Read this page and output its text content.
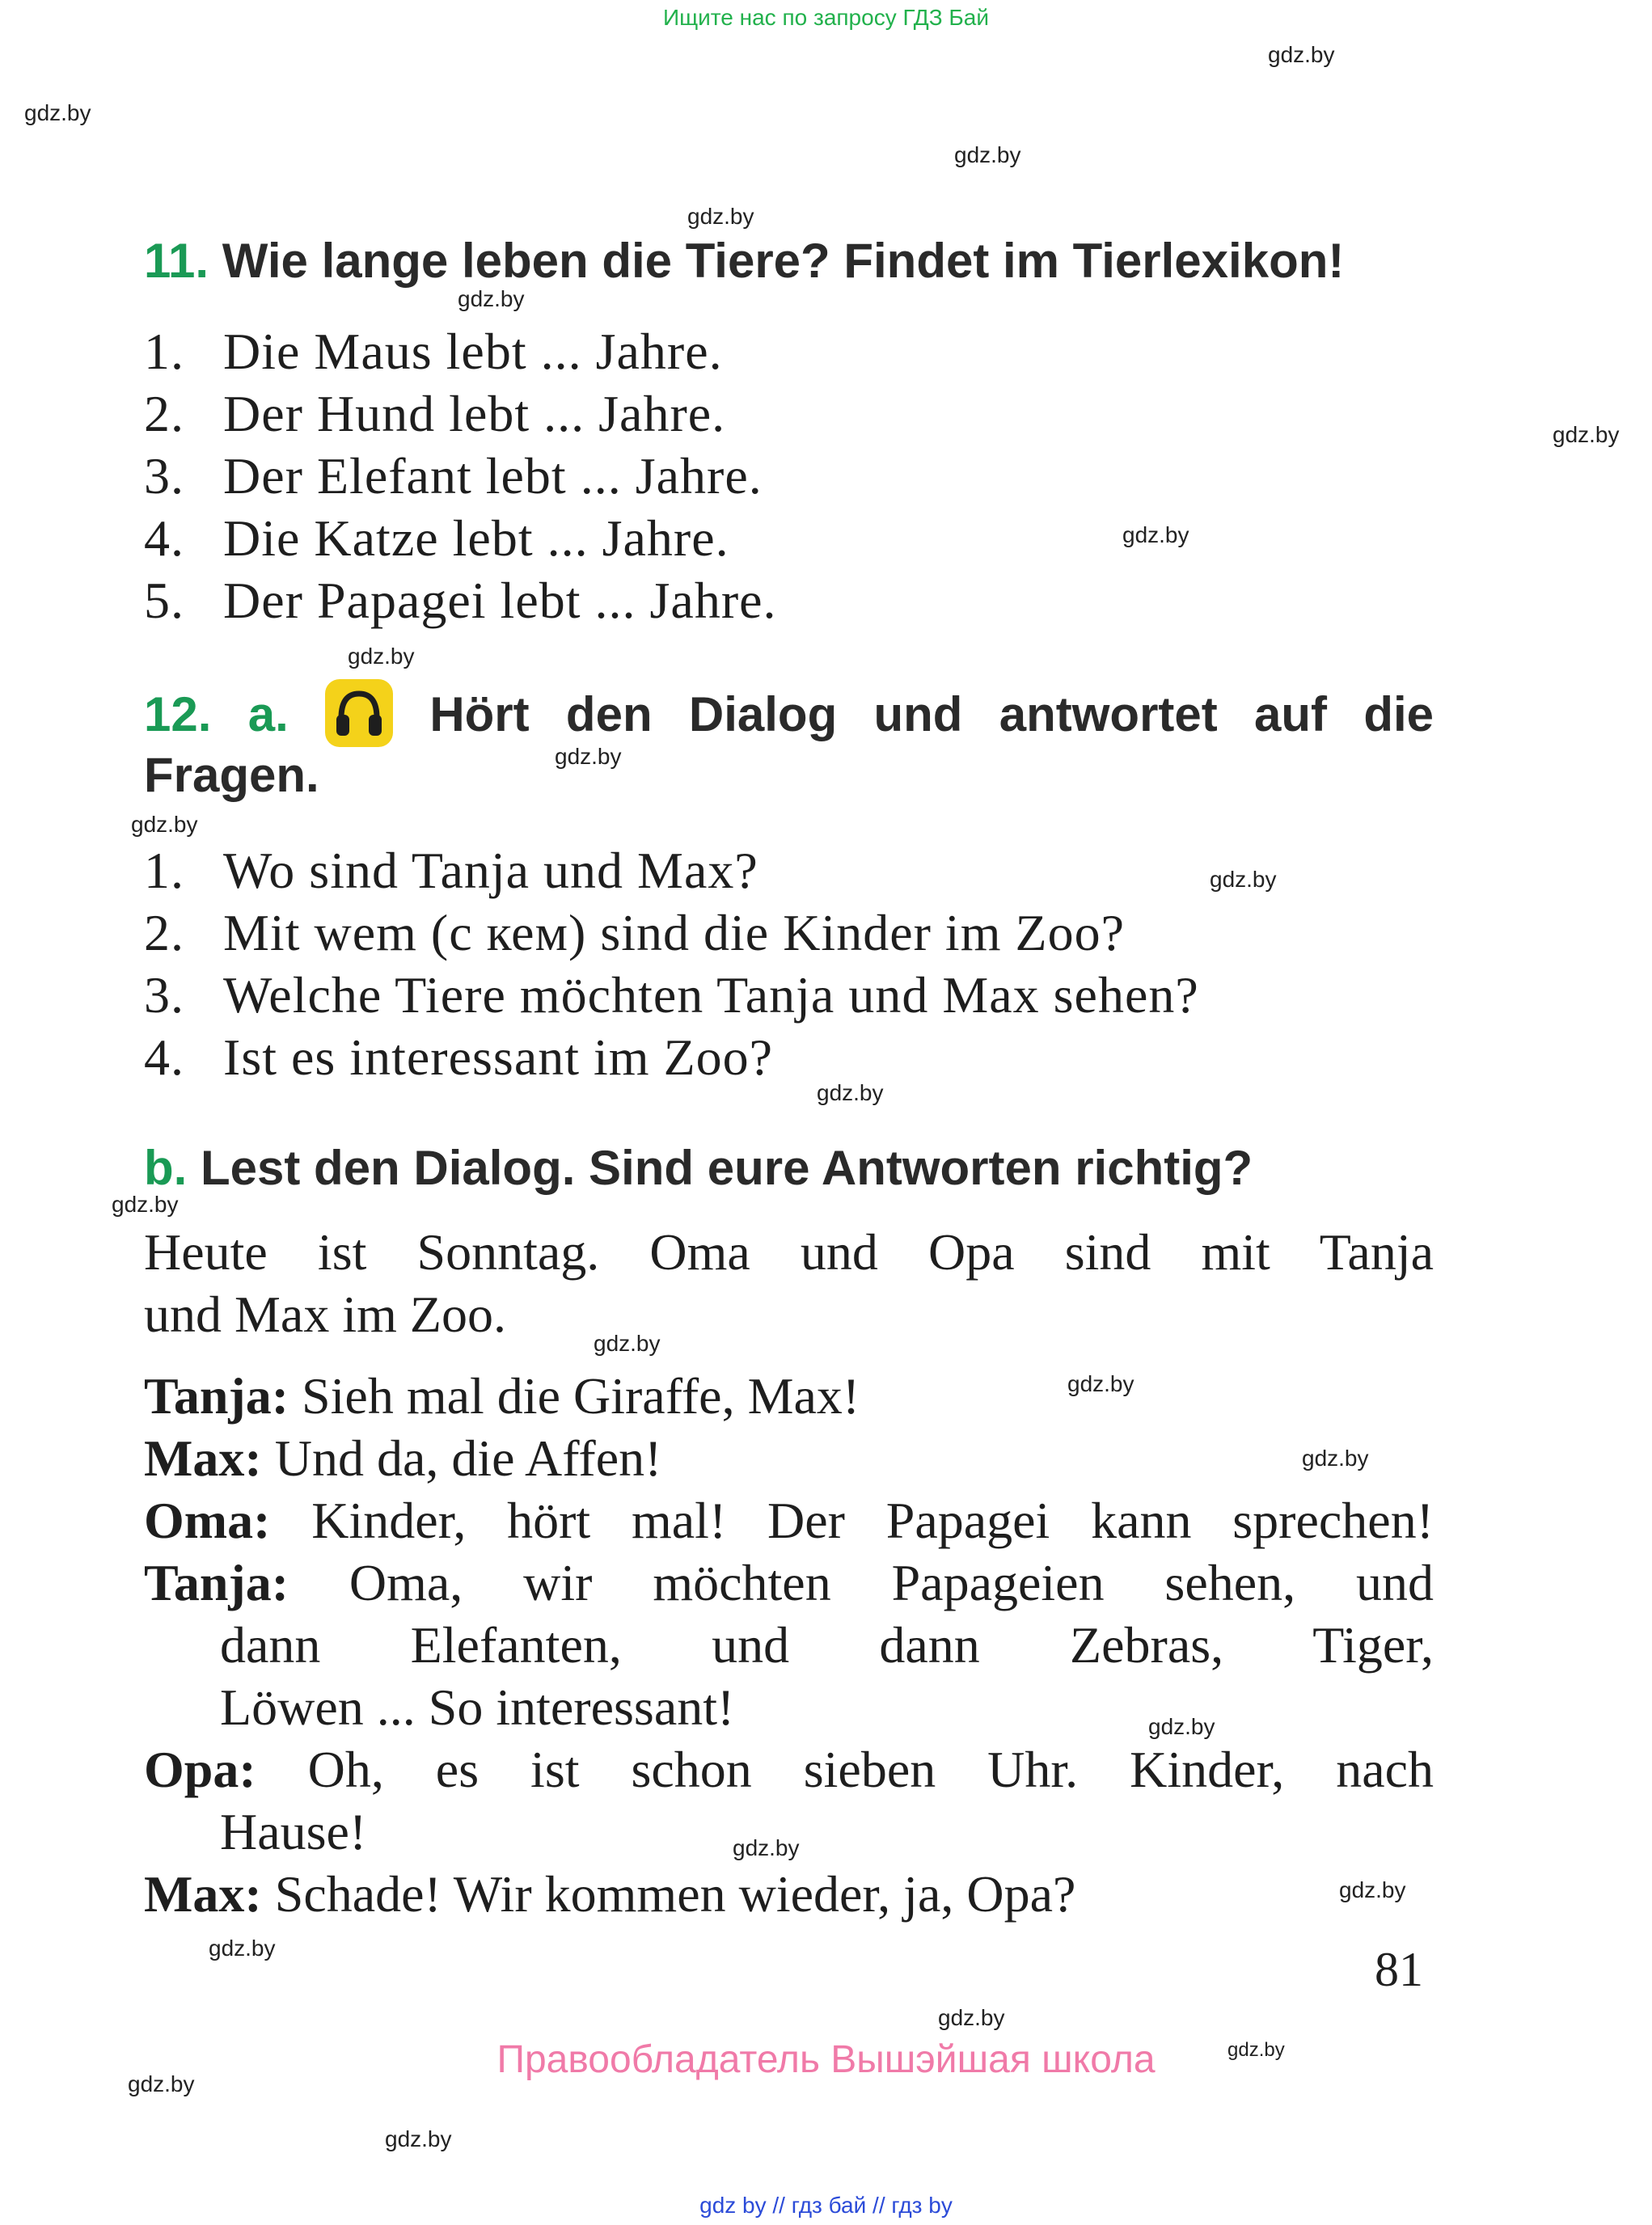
Ищите нас по запросу ГДЗ Бай
gdz.by
gdz.by
gdz.by
gdz.by
gdz.by
gdz.by
gdz.by
gdz.by
gdz.by
gdz.by
gdz.by
gdz.by
gdz.by
gdz.by
gdz.by
gdz.by
gdz.by
gdz.by
gdz.by
gdz.by
gdz.by
gdz.by
gdz.by
gdz.by
11. Wie lange leben die Tiere? Findet im Tierlexikon!
1. Die Maus lebt ... Jahre.
2. Der Hund lebt ... Jahre.
3. Der Elefant lebt ... Jahre.
4. Die Katze lebt ... Jahre.
5. Der Papagei lebt ... Jahre.
12. a.	Hört den Dialog und antwortet auf die
Fragen.
1. Wo sind Tanja und Max?
2. Mit wem (с кем) sind die Kinder im Zoo?
3. Welche Tiere möchten Tanja und Max sehen?
4. Ist es interessant im Zoo?
b. Lest den Dialog. Sind eure Antworten richtig?
Heute ist Sonntag. Oma und Opa sind mit Tanja
und Max im Zoo.
Tanja: Sieh mal die Giraffe, Max!
Max: Und da, die Affen!
Oma: Kinder, hört mal! Der Papagei kann sprechen!
Tanja: Oma, wir möchten Papageien sehen, und
dann Elefanten, und dann Zebras, Tiger,
Löwen ... So interessant!
Opa: Oh, es ist schon sieben Uhr. Kinder, nach
Hause!
Max: Schade! Wir kommen wieder, ja, Opa?
81
Правообладатель Вышэйшая школа
gdz by // гдз бай // гдз by
